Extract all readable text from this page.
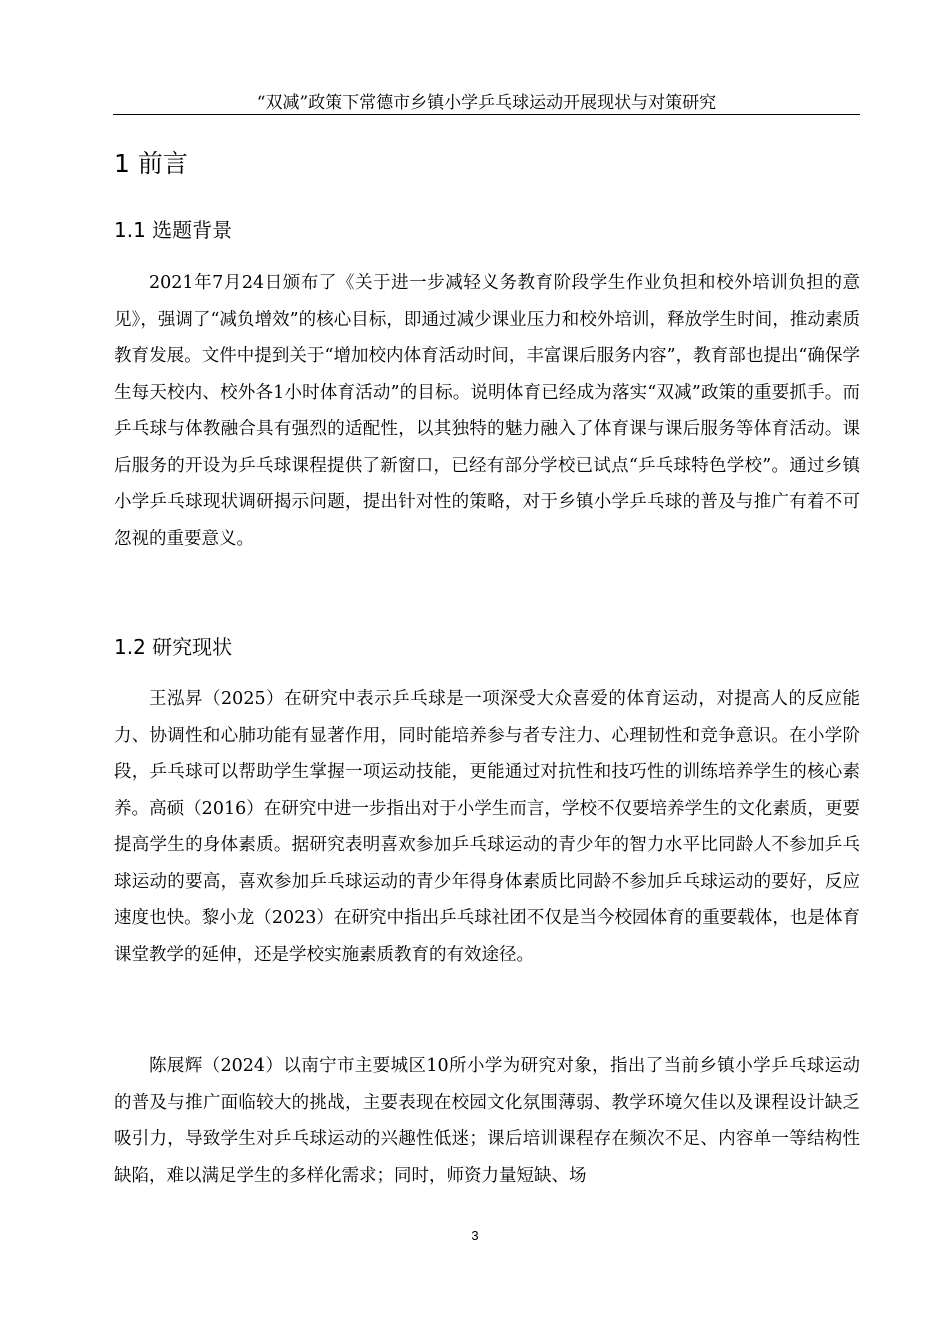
“双减”政策下常德市乡镇小学乒乓球运动开展现状与对策研究
1 前言
1.1 选题背景

2021年7月24日颁布了《关于进一步减轻义务教育阶段学生作业负担和校外培训负担的意见》，强调了“减负增效”的核心目标，即通过减少课业压力和校外培训，释放学生时间，推动素质教育发展。文件中提到关于“增加校内体育活动时间，丰富课后服务内容”，教育部也提出“确保学生每天校内、校外各1小时体育活动”的目标。说明体育已经成为落实“双减”政策的重要抓手。而乒乓球与体教融合具有强烈的适配性，以其独特的魅力融入了体育课与课后服务等体育活动。课后服务的开设为乒乓球课程提供了新窗口，已经有部分学校已试点“乒乓球特色学校”。通过乡镇小学乒乓球现状调研揭示问题，提出针对性的策略，对于乡镇小学乒乓球的普及与推广有着不可忽视的重要意义。

1.2 研究现状

王泓昇（2025）在研究中表示乒乓球是一项深受大众喜爱的体育运动，对提高人的反应能力、协调性和心肺功能有显著作用，同时能培养参与者专注力、心理韧性和竞争意识。在小学阶段，乒乓球可以帮助学生掌握一项运动技能，更能通过对抗性和技巧性的训练培养学生的核心素养。高硕（2016）在研究中进一步指出对于小学生而言，学校不仅要培养学生的文化素质，更要提高学生的身体素质。据研究表明喜欢参加乒乓球运动的青少年的智力水平比同龄人不参加乒乓球运动的要高，喜欢参加乒乓球运动的青少年得身体素质比同龄不参加乒乓球运动的要好，反应速度也快。黎小龙（2023）在研究中指出乒乓球社团不仅是当今校园体育的重要载体，也是体育课堂教学的延伸，还是学校实施素质教育的有效途径。

陈展辉（2024）以南宁市主要城区10所小学为研究对象，指出了当前乡镇小学乒乓球运动的普及与推广面临较大的挑战，主要表现在校园文化氛围薄弱、教学环境欠佳以及课程设计缺乏吸引力，导致学生对乒乓球运动的兴趣性低迷；课后培训课程存在频次不足、内容单一等结构性缺陷，难以满足学生的多样化需求；同时，师资力量短缺、场

3
